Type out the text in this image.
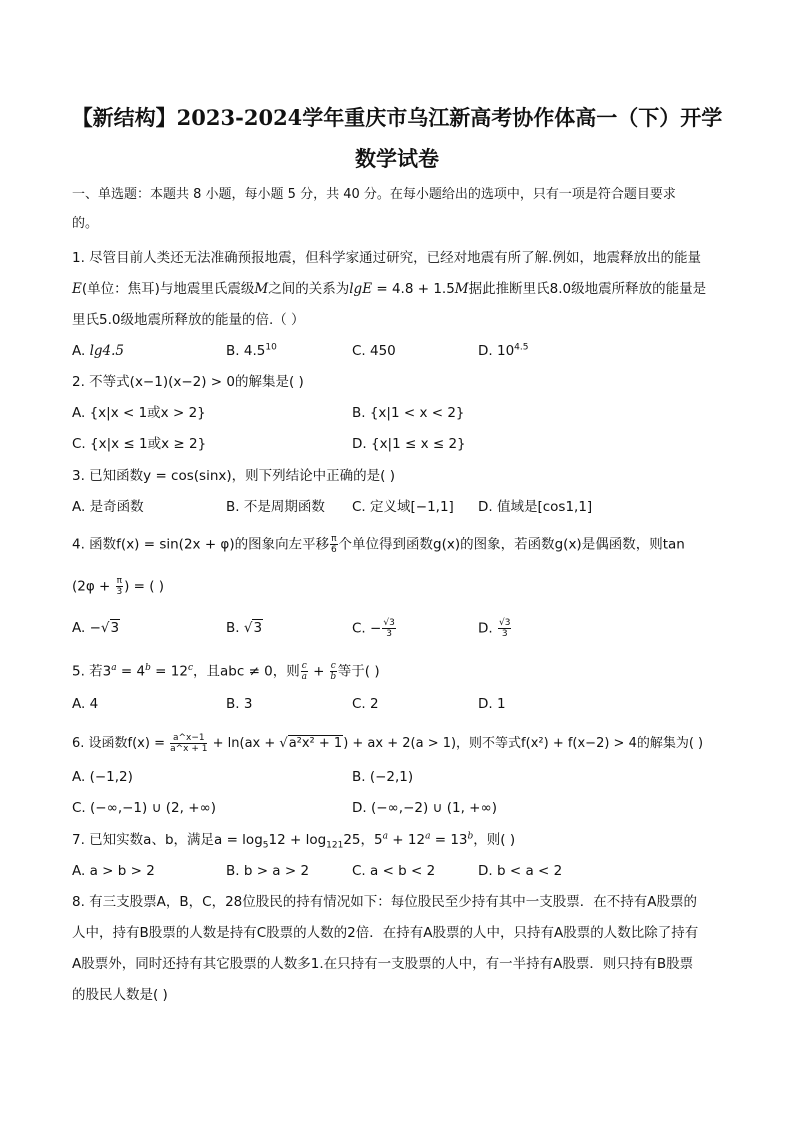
【新结构】2023-2024学年重庆市乌江新高考协作体高一（下）开学
数学试卷
一、单选题：本题共 8 小题，每小题 5 分，共 40 分。在每小题给出的选项中，只有一项是符合题目要求
的。
1. 尽管目前人类还无法准确预报地震，但科学家通过研究，已经对地震有所了解.例如，地震释放出的能量
E(单位：焦耳)与地震里氏震级M之间的关系为lgE = 4.8 + 1.5M据此推断里氏8.0级地震所释放的能量是
里氏5.0级地震所释放的能量的倍.（ ）
A. lg4.5	B. $4.5^{10}$	C. 450	D. $10^{4.5}$
2. 不等式(x−1)(x−2) > 0的解集是( )
A. {x|x < 1或x > 2}	B. {x|1 < x < 2}
C. {x|x ≤ 1或x ≥ 2}	D. {x|1 ≤ x ≤ 2}
3. 已知函数y = cos(sinx)，则下列结论中正确的是( )
A. 是奇函数	B. 不是周期函数 C. 定义域[−1,1] D. 值域是[cos1,1]
4. 函数f(x) = sin(2x + φ)的图象向左平移 $\frac{\pi}{6}$ 个单位得到函数g(x)的图象，若函数g(x)是偶函数，则tan
($2\varphi + \frac{\pi}{3}$ ) = ( )
A. −√3	B. √3	C. − $\frac{√3}{3}$	D. $\frac{√3}{3}$
5. 若$3^a = 4^b = 12^c$，且abc ≠ 0，则 $\frac{c}{a} + \frac{c}{b}$ 等于( )
A. 4	B. 3	C. 2	D. 1
6. 设函数$f(x) = \frac{a\^{}x-1}{a\^{}x + 1} + \ln(ax + √a^2x^2 + 1)$ + ax + 2(a > 1)，则不等式f(x²) + f(x−2) > 4的解集为( )
A. (−1,2)	B. (−2,1)
C. (−∞,−1) ∪ (2, +∞)	D. (−∞,−2) ∪ (1, +∞)
7. 已知实数a、b，满足$a = \log_512 + \log_{121}25$，$5^a + 12^a = 13^b$，则( )
A. a > b > 2	B. b > a > 2	C. a < b < 2	D. b < a < 2
8. 有三支股票A，B，C，28位股民的持有情况如下：每位股民至少持有其中一支股票．在不持有A股票的
人中，持有B股票的人数是持有C股票的人数的2倍．在持有A股票的人中，只持有A股票的人数比除了持有
A股票外，同时还持有其它股票的人数多1.在只持有一支股票的人中，有一半持有A股票．则只持有B股票
的股民人数是( )
